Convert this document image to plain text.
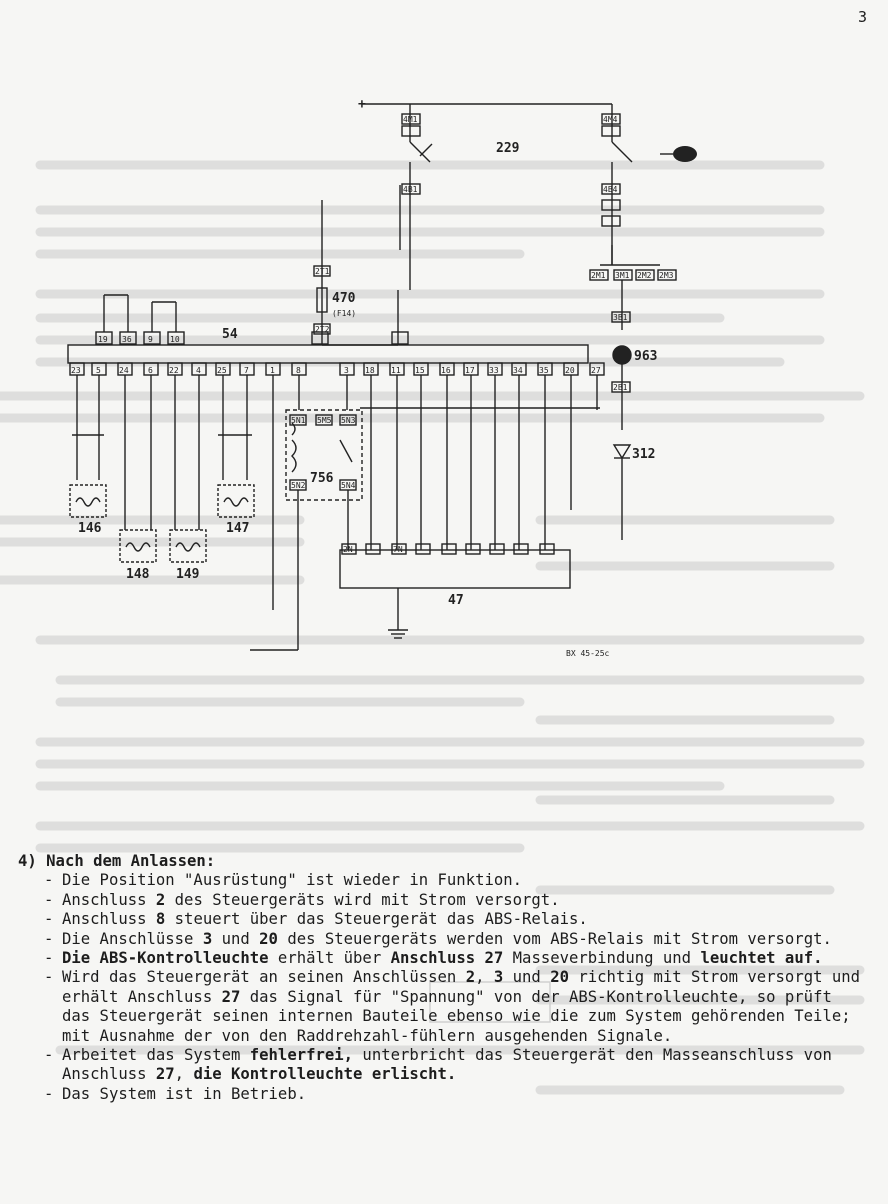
3
+
229
470
(F14)
54
963
312
756
47
BX 45-25c
146	147
148 149
19 36 9 10
23 5 24 6 22 4 25 7	1	8	3 18 11 15 16 17 33 34 35 20 27
4M1	4M4
4B1	4B4
2M1 3M1 2M2 2M3
2B1
3B1
2T1
2T2
5N1
5N2
5N3
5N4
5M5
2N	7N
4) Nach dem Anlassen:
- Die Position "Ausrüstung" ist wieder in Funktion.
- Anschluss 2 des Steuergeräts wird mit Strom versorgt.
- Anschluss 8 steuert über das Steuergerät das ABS-Relais.
- Die Anschlüsse 3 und 20 des Steuergeräts werden vom ABS-Relais mit Strom versorgt.
- Die ABS-Kontrolleuchte erhält über Anschluss 27 Masseverbindung und leuchtet auf.
- Wird das Steuergerät an seinen Anschlüssen 2, 3 und 20 richtig mit Strom versorgt und erhält Anschluss 27 das Signal für "Spannung" von der ABS-Kontrolleuchte, so prüft das Steuergerät seinen internen Bauteile ebenso wie die zum System gehörenden Teile; mit Ausnahme der von den Raddrehzahl-fühlern ausgehenden Signale.
- Arbeitet das System fehlerfrei, unterbricht das Steuergerät den Masseanschluss von Anschluss 27, die Kontrolleuchte erlischt.
- Das System ist in Betrieb.
